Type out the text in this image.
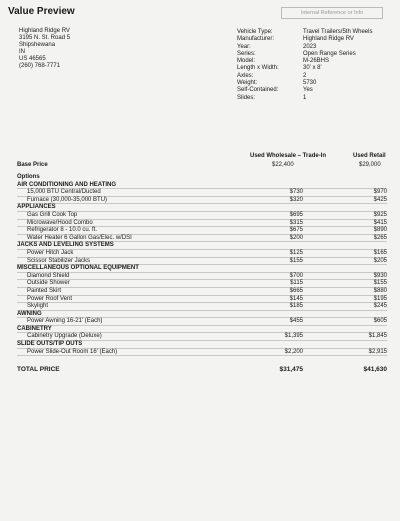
Value Preview	Internal Reference or Info
Highland Ridge RV
3195 N. St. Road 5
Shipshewana
IN
US 46565
(260) 768-7771
Vehicle Type:	Travel Trailers/5th Wheels
Manufacturer:	Highland Ridge RV
Year:	2023
Series:	Open Range Series
Model:	M-26BHS
Length x Width:	30' x 8'
Axles:	2
Weight:	5730
Self-Contained:	Yes
Slides:	1
Used Wholesale – Trade-In	Used Retail
Base Price	$22,400	$29,000
Options
AIR CONDITIONING AND HEATING
15,000 BTU Central/Ducted	$730	$970
Furnace (30,000-35,000 BTU)	$320	$425
APPLIANCES
Gas Grill Cook Top	$695	$925
Microwave/Hood Combo	$315	$415
Refrigerator 8 - 10.0 cu. ft.	$675	$890
Water Heater 6 Gallon Gas/Elec. w/DSI	$200	$265
JACKS AND LEVELING SYSTEMS
Power Hitch Jack	$125	$165
Scissor Stabilizer Jacks	$155	$205
MISCELLANEOUS OPTIONAL EQUIPMENT
Diamond Shield	$700	$930
Outside Shower	$115	$155
Painted Skirt	$665	$880
Power Roof Vent	$145	$195
Skylight	$185	$245
AWNING
Power Awning 16-21' (Each)	$455	$605
CABINETRY
Cabinetry Upgrade (Deluxe)	$1,395	$1,845
SLIDE OUTS/TIP OUTS
Power Slide-Out Room 16' (Each)	$2,200	$2,915
TOTAL PRICE	$31,475	$41,630
